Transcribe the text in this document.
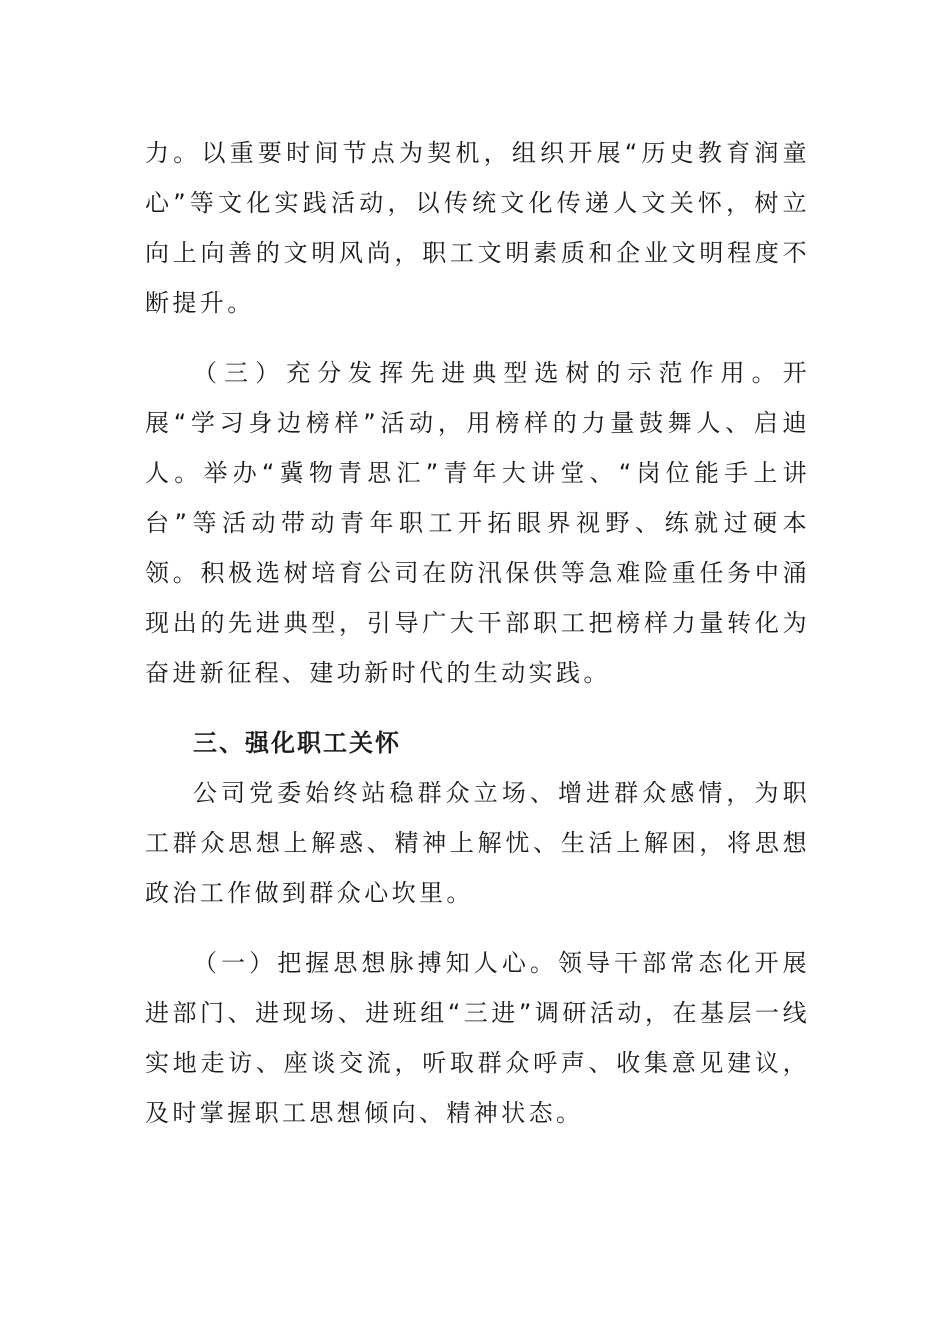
力。以重要时间节点为契机，组织开展“历史教育润童心”等文化实践活动，以传统文化传递人文关怀，树立向上向善的文明风尚，职工文明素质和企业文明程度不断提升。

（三）充分发挥先进典型选树的示范作用。开展“学习身边榜样”活动，用榜样的力量鼓舞人、启迪人。举办“冀物青思汇”青年大讲堂、“岗位能手上讲台”等活动带动青年职工开拓眼界视野、练就过硬本领。积极选树培育公司在防汛保供等急难险重任务中涌现出的先进典型，引导广大干部职工把榜样力量转化为奋进新征程、建功新时代的生动实践。

三、强化职工关怀

公司党委始终站稳群众立场、增进群众感情，为职工群众思想上解惑、精神上解忧、生活上解困，将思想政治工作做到群众心坎里。

（一）把握思想脉搏知人心。领导干部常态化开展进部门、进现场、进班组“三进”调研活动，在基层一线实地走访、座谈交流，听取群众呼声、收集意见建议，及时掌握职工思想倾向、精神状态。
